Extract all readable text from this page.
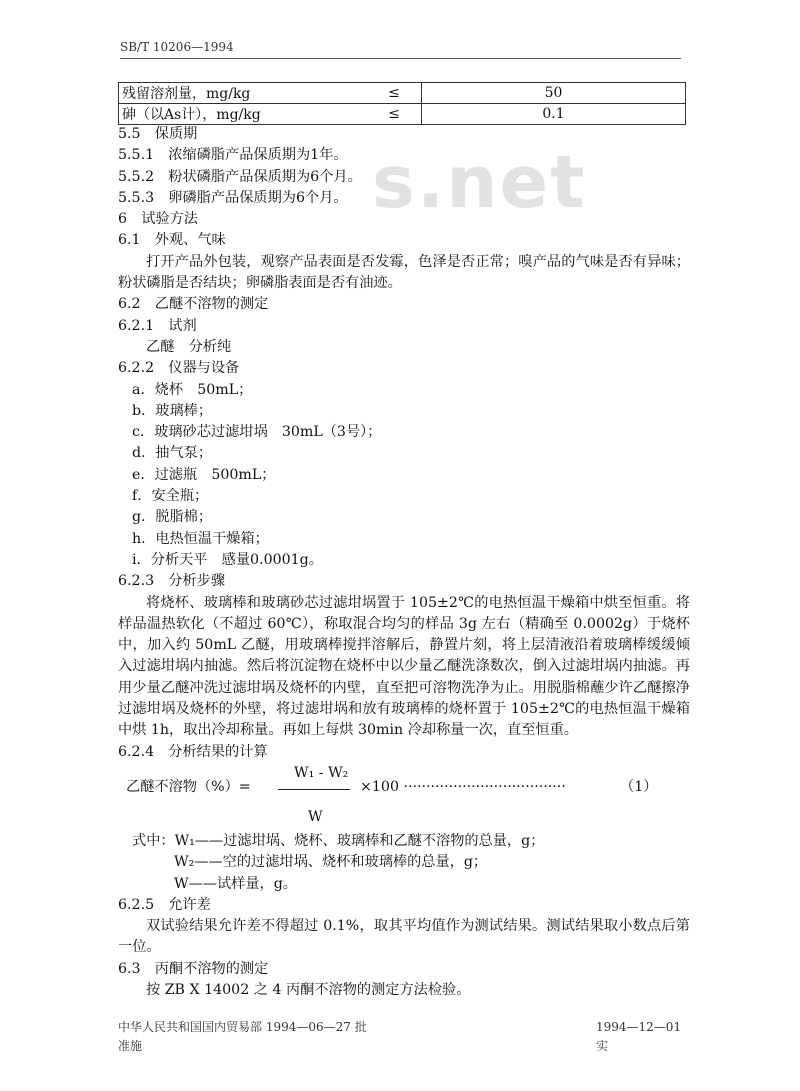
SB/T 10206—1994
s.net
残留溶剂量，mg/kg	≤	50
砷（以As计），mg/kg	≤	0.1
5.5　保质期
5.5.1　浓缩磷脂产品保质期为1年。
5.5.2　粉状磷脂产品保质期为6个月。
5.5.3　卵磷脂产品保质期为6个月。
6　试验方法
6.1　外观、气味
打开产品外包装，观察产品表面是否发霉，色泽是否正常；嗅产品的气味是否有异味；粉状磷脂是否结块；卵磷脂表面是否有油迹。
6.2　乙醚不溶物的测定
6.2.1　试剂
乙醚　分析纯
6.2.2　仪器与设备
a．烧杯　50mL；
b．玻璃棒；
c．玻璃砂芯过滤坩埚　30mL（3号）；
d．抽气泵；
e．过滤瓶　500mL；
f．安全瓶；
g．脱脂棉；
h．电热恒温干燥箱；
i．分析天平　感量0.0001g。
6.2.3　分析步骤
将烧杯、玻璃棒和玻璃砂芯过滤坩埚置于 105±2℃的电热恒温干燥箱中烘至恒重。将样品温热软化（不超过 60℃），称取混合均匀的样品 3g 左右（精确至 0.0002g）于烧杯中，加入约 50mL 乙醚，用玻璃棒搅拌溶解后，静置片刻，将上层清液沿着玻璃棒缓缓倾入过滤坩埚内抽滤。然后将沉淀物在烧杯中以少量乙醚洗涤数次，倒入过滤坩埚内抽滤。再用少量乙醚冲洗过滤坩埚及烧杯的内壁，直至把可溶物洗净为止。用脱脂棉蘸少许乙醚擦净过滤坩埚及烧杯的外壁，将过滤坩埚和放有玻璃棒的烧杯置于 105±2℃的电热恒温干燥箱中烘 1h，取出冷却称量。再如上每烘 30min 冷却称量一次，直至恒重。
6.2.4　分析结果的计算
W₁ - W₂
乙醚不溶物（%）=	×100 ····································	（1）
W
式中：W₁——过滤坩埚、烧杯、玻璃棒和乙醚不溶物的总量，g；
W₂——空的过滤坩埚、烧杯和玻璃棒的总量，g；
W——试样量，g。
6.2.5　允许差
双试验结果允许差不得超过 0.1%，取其平均值作为测试结果。测试结果取小数点后第一位。
6.3　丙酮不溶物的测定
按 ZB X 14002 之 4 丙酮不溶物的测定方法检验。
中华人民共和国国内贸易部 1994—06—27 批准施
1994—12—01 实
